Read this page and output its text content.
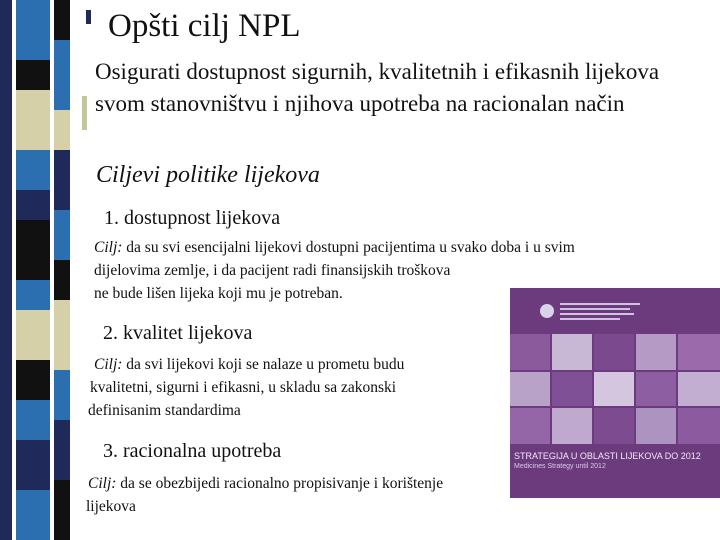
Opšti cilj NPL
Osigurati dostupnost sigurnih, kvalitetnih i efikasnih lijekova svom stanovništvu i njihova upotreba na racionalan način
Ciljevi politike lijekova
1. dostupnost lijekova
Cilj: da su svi esencijalni lijekovi dostupni pacijentima u svako doba i u svim
dijelovima zemlje, i da pacijent radi finansijskih troškova
ne bude lišen lijeka koji mu je potreban.
2. kvalitet lijekova
Cilj: da svi lijekovi koji se nalaze u prometu budu
kvalitetni, sigurni i efikasni, u skladu sa zakonski
definisanim standardima
3. racionalna upotreba
Cilj: da se obezbijedi racionalno propisivanje i korištenje
lijekova
STRATEGIJA U OBLASTI LIJEKOVA DO 2012
Medicines Strategy until 2012
